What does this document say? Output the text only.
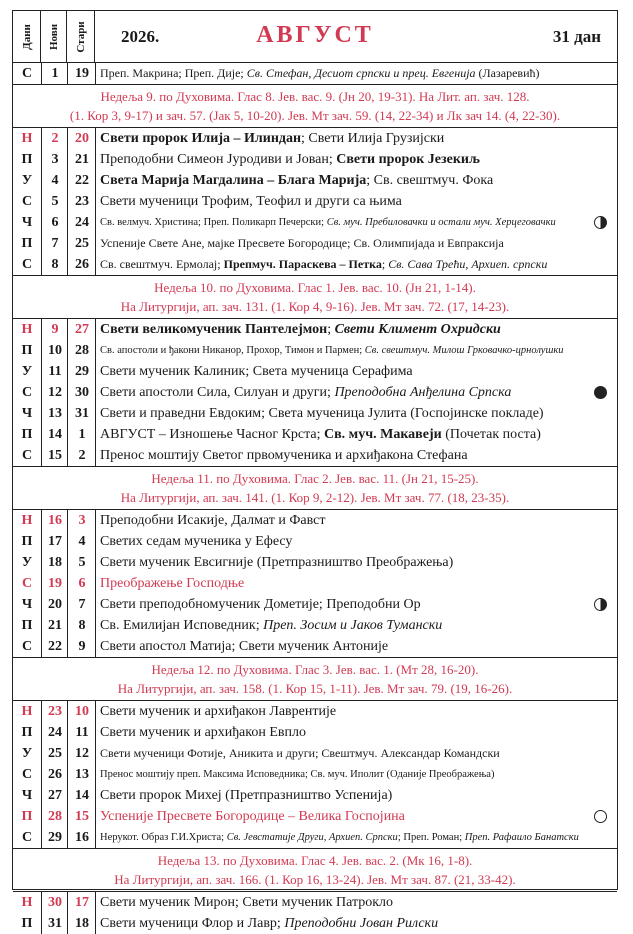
Дани Нови Стари 2026.	АВГУСТ	31 дан
С	1	19 Преп. Макрина; Преп. Дије; Св. Стефан, Десиот српски и прец. Евгенија (Лазаревић)
Недеља 9. по Духовима. Глас 8. Јев. вас. 9. (Јн 20, 19-31). На Лит. ап. зач. 128.
(1. Кор 3, 9-17) и зач. 57. (Јак 5, 10-20). Јев. Мт зач. 59. (14, 22-34) и Лк зач 14. (4, 22-30).
Н	2	20 Свети пророк Илија – Илиндан; Свети Илија Грузијски
П	3	21 Преподобни Симеон Јуродиви и Јован; Свети пророк Језекиљ
У	4	22 Света Марија Магдалина – Блага Марија; Св. свештмуч. Фока
С	5	23 Свети мученици Трофим, Теофил и други са њима
Ч	6	24	Св. велмуч. Христина; Преп. Поликарп Печерски; Св. муч. Пребиловачки и остали муч. Херцеговачки
П	7	25 Успеније Свете Ане, мајке Пресвете Богородице; Св. Олимпијада и Евпраксија
С	8	26 Св. свештмуч. Ермолај; Препмуч. Параскева – Петка; Св. Сава Трећи, Архиеп. српски
Недеља 10. по Духовима. Глас 1. Јев. вас. 10. (Јн 21, 1-14).
На Литургији, ап. зач. 131. (1. Кор 4, 9-16). Јев. Мт зач. 72. (17, 14-23).
Н	9	27 Свети великомученик Пантелејмон; Свети Климент Охридски
П	10 28	Св. апостоли и ђакони Никанор, Прохор, Тимон и Пармен; Св. свештмуч. Милош Грковачко-црнолушки
У	11 29 Свети мученик Калиник; Света мученица Серафима
С	12 30 Свети апостоли Сила, Силуан и други; Преподобна Анђелина Српска
Ч	13 31 Свети и праведни Евдоким; Света мученица Јулита (Госпојинске покладе)
П	14	1	АВГУСТ – Изношење Часног Крста; Св. муч. Макавеји (Почетак поста)
С	15	2	Пренос моштију Светог првомученика и архиђакона Стефана
Недеља 11. по Духовима. Глас 2. Јев. вас. 11. (Јн 21, 15-25).
На Литургији, ап. зач. 141. (1. Кор 9, 2-12). Јев. Мт зач. 77. (18, 23-35).
Н	16	3	Преподобни Исакије, Далмат и Фавст
П	17	4	Светих седам мученика у Ефесу
У	18	5	Свети мученик Евсигније (Претпразништво Преображења)
С	19	6	Преображење Господње
Ч	20	7	Свети преподобномученик Дометије; Преподобни Ор
П	21	8	Св. Емилијан Исповедник; Преп. Зосим и Јаков Тумански
С	22	9	Свети апостол Матија; Свети мученик Антоније
Недеља 12. по Духовима. Глас 3. Јев. вас. 1. (Мт 28, 16-20).
На Литургији, ап. зач. 158. (1. Кор 15, 1-11). Јев. Мт зач. 79. (19, 16-26).
Н	23 10 Свети мученик и архиђакон Лаврентије
П	24 11 Свети мученик и архиђакон Евпло
У	25 12 Свети мученици Фотије, Аникита и други; Свештмуч. Александар Командски
С	26 13	Пренос моштију преп. Максима Исповедника; Св. муч. Иполит (Оданије Преображења)
Ч	27 14 Свети пророк Михеј (Претпразништво Успенија)
П	28 15 Успеније Пресвете Богородице – Велика Госпојина
С	29 16	Нерукот. Образ Г.И.Христа; Св. Јевстатије Други, Архиеп. Српски; Преп. Роман; Преп. Рафаило Банатски
Недеља 13. по Духовима. Глас 4. Јев. вас. 2. (Мк 16, 1-8).
На Литургији, ап. зач. 166. (1. Кор 16, 13-24). Јев. Мт зач. 87. (21, 33-42).
Н	30 17 Свети мученик Мирон; Свети мученик Патрокло
П	31 18 Свети мученици Флор и Лавр; Преподобни Јован Рилски
